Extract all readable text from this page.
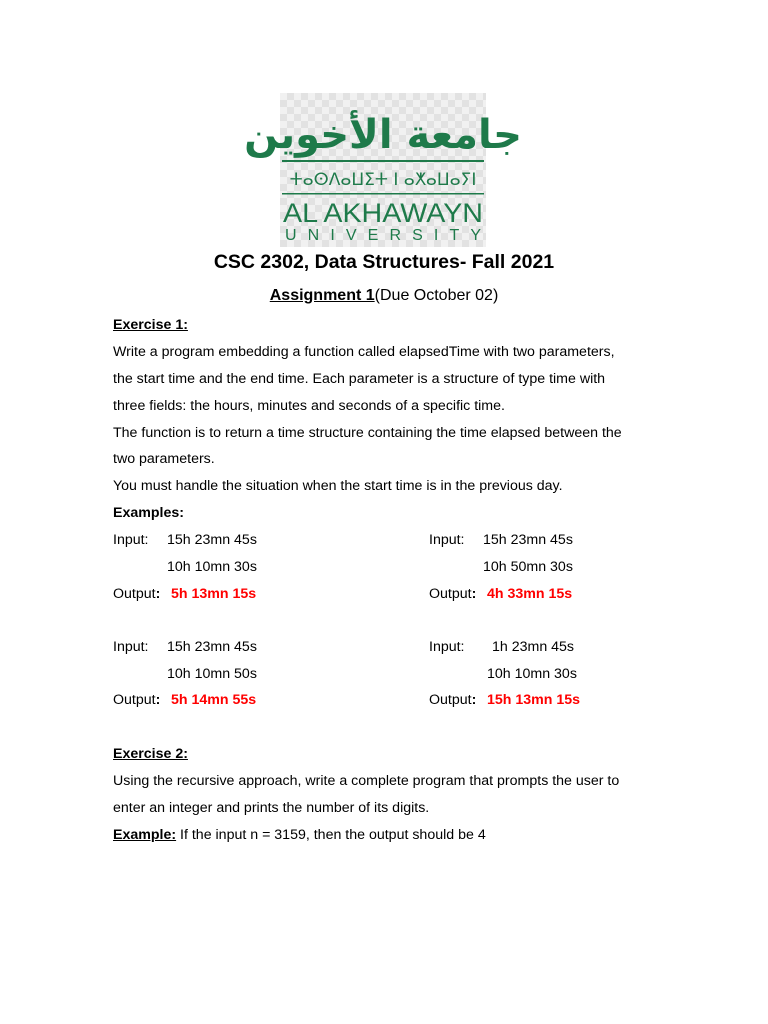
جامعة الأخوين
ⵜⴰⵙⴷⴰⵡⵉⵜ ⵏ ⴰⵅⴰⵡⴰⵢⵏ
AL AKHAWAYN
UNIVERSITY
CSC 2302, Data Structures- Fall 2021
Assignment 1(Due October 02)
Exercise 1:
Write a program embedding a function called elapsedTime with two parameters,
the start time and the end time. Each parameter is a structure of type time with
three fields: the hours, minutes and seconds of a specific time.
The function is to return a time structure containing the time elapsed between the
two parameters.
You must handle the situation when the start time is in the previous day.
Examples:
Input: 15h 23mn 45s
10h 10mn 30s
Output: 5h 13mn 15s
Input: 15h 23mn 45s
10h 50mn 30s
Output: 4h 33mn 15s
Input: 15h 23mn 45s
10h 10mn 50s
Output: 5h 14mn 55s
Input: 1h 23mn 45s
10h 10mn 30s
Output: 15h 13mn 15s
Exercise 2:
Using the recursive approach, write a complete program that prompts the user to
enter an integer and prints the number of its digits.
Example: If the input n = 3159, then the output should be 4
